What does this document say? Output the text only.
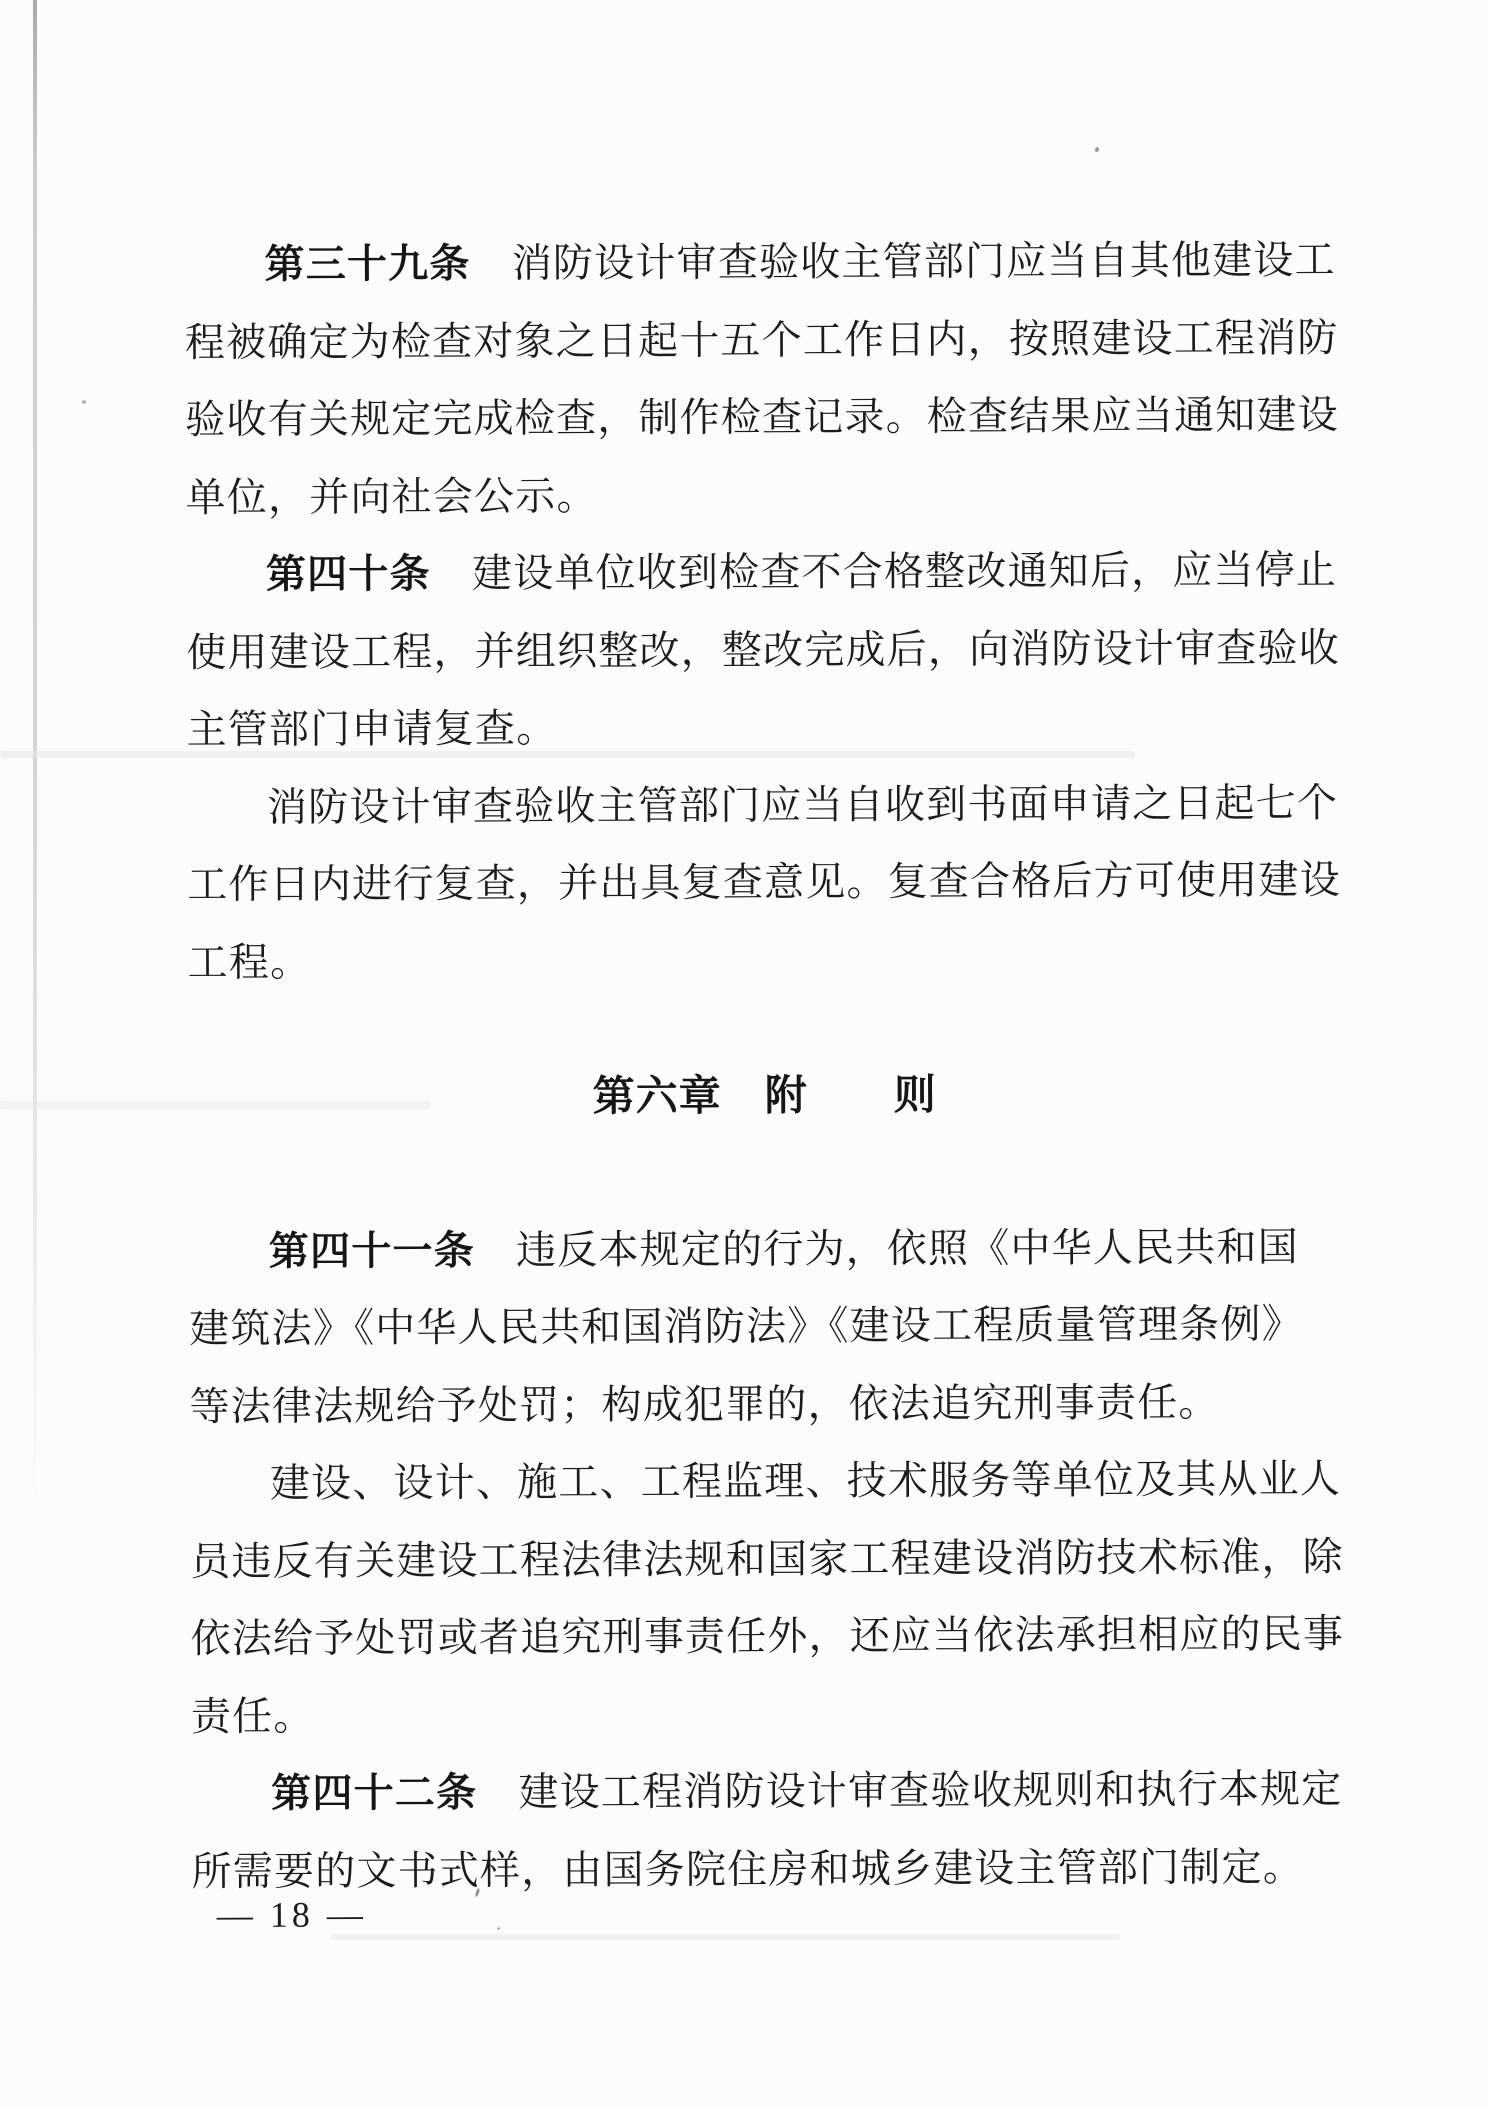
第三十九条　消防设计审查验收主管部门应当自其他建设工
程被确定为检查对象之日起十五个工作日内，按照建设工程消防
验收有关规定完成检查，制作检查记录。检查结果应当通知建设
单位，并向社会公示。
第四十条　建设单位收到检查不合格整改通知后，应当停止
使用建设工程，并组织整改，整改完成后，向消防设计审查验收
主管部门申请复查。
消防设计审查验收主管部门应当自收到书面申请之日起七个
工作日内进行复查，并出具复查意见。复查合格后方可使用建设
工程。
第六章　附　　则
第四十一条　违反本规定的行为，依照《中华人民共和国
建筑法》《中华人民共和国消防法》《建设工程质量管理条例》
等法律法规给予处罚；构成犯罪的，依法追究刑事责任。
建设、设计、施工、工程监理、技术服务等单位及其从业人
员违反有关建设工程法律法规和国家工程建设消防技术标准，除
依法给予处罚或者追究刑事责任外，还应当依法承担相应的民事
责任。
第四十二条　建设工程消防设计审查验收规则和执行本规定
所需要的文书式样，由国务院住房和城乡建设主管部门制定。
— 18 —
